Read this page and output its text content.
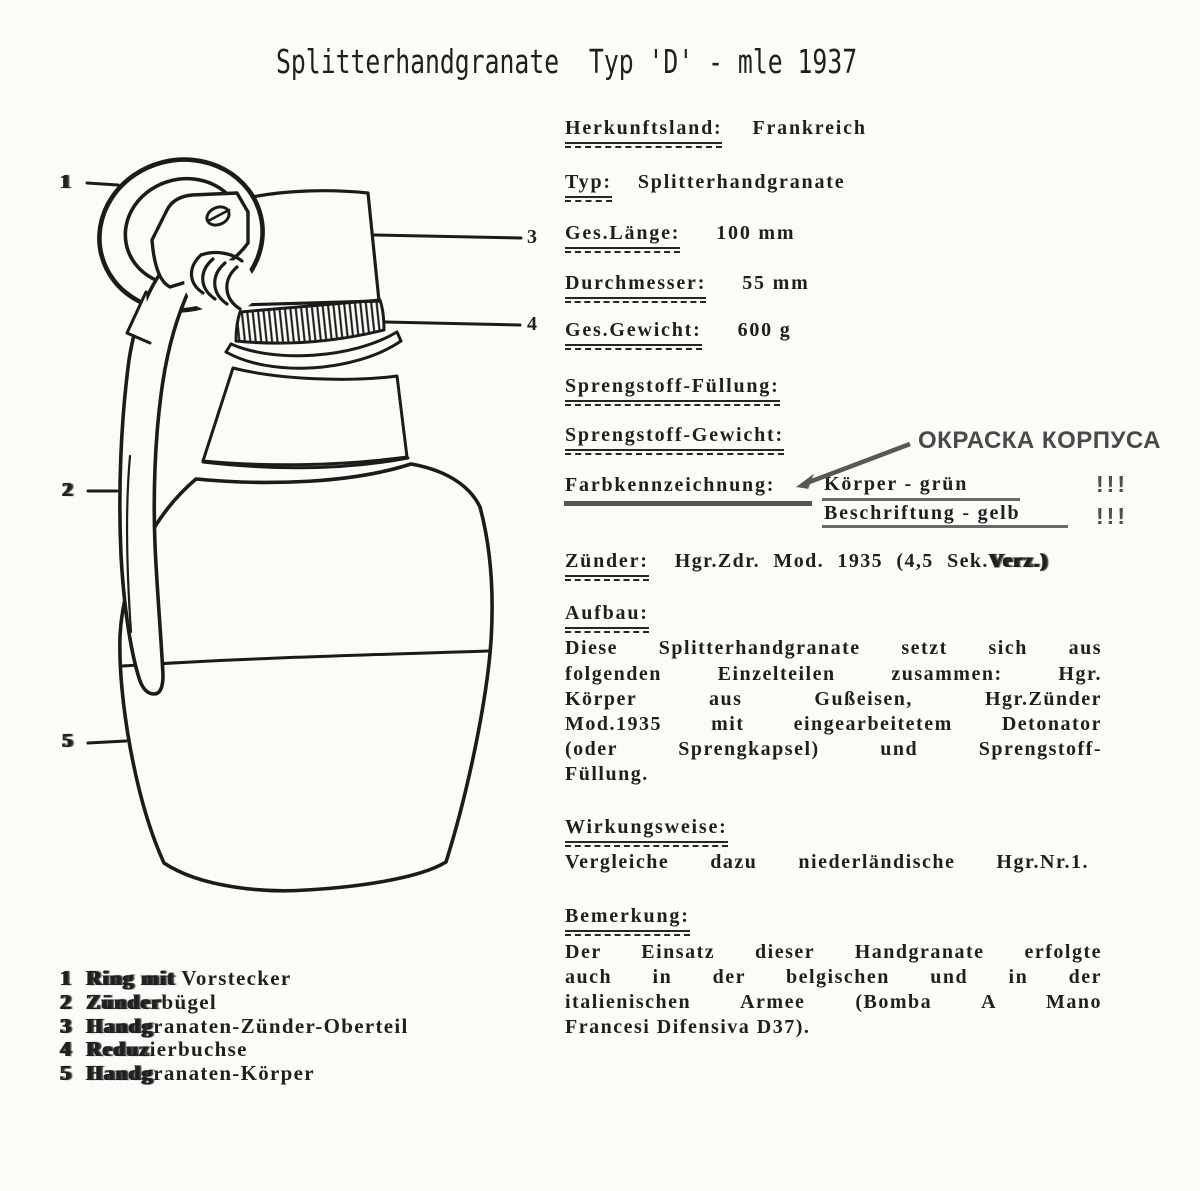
Splitterhandgranate  Typ 'D' - mle 1937
1
2
5
3
4
Herkunftsland: Frankreich
Typ: Splitterhandgranate
Ges.Länge: 100 mm
Durchmesser: 55 mm
Ges.Gewicht: 600 g
Sprengstoff-Füllung:
Sprengstoff-Gewicht:
Farbkennzeichnung: Körper - grün
Beschriftung - gelb
!!!
!!!
ОКРАСКА КОРПУСА
Zünder: Hgr.Zdr. Mod. 1935 (4,5 Sek.Verz.)
Aufbau:
Diese Splitterhandgranate setzt sich aus
folgenden Einzelteilen zusammen: Hgr.
Körper aus Gußeisen, Hgr.Zünder
Mod.1935 mit eingearbeitetem Detonator
(oder Sprengkapsel) und Sprengstoff-
Füllung.
Wirkungsweise:
Vergleiche dazu niederländische Hgr.Nr.1.
Bemerkung:
Der Einsatz dieser Handgranate erfolgte
auch in der belgischen und in der
italienischen Armee (Bomba A Mano
Francesi Difensiva D37).
1 Ring mit Vorstecker
2 Zünderbügel
3 Handgranaten-Zünder-Oberteil
4 Reduzierbuchse
5 Handgranaten-Körper
